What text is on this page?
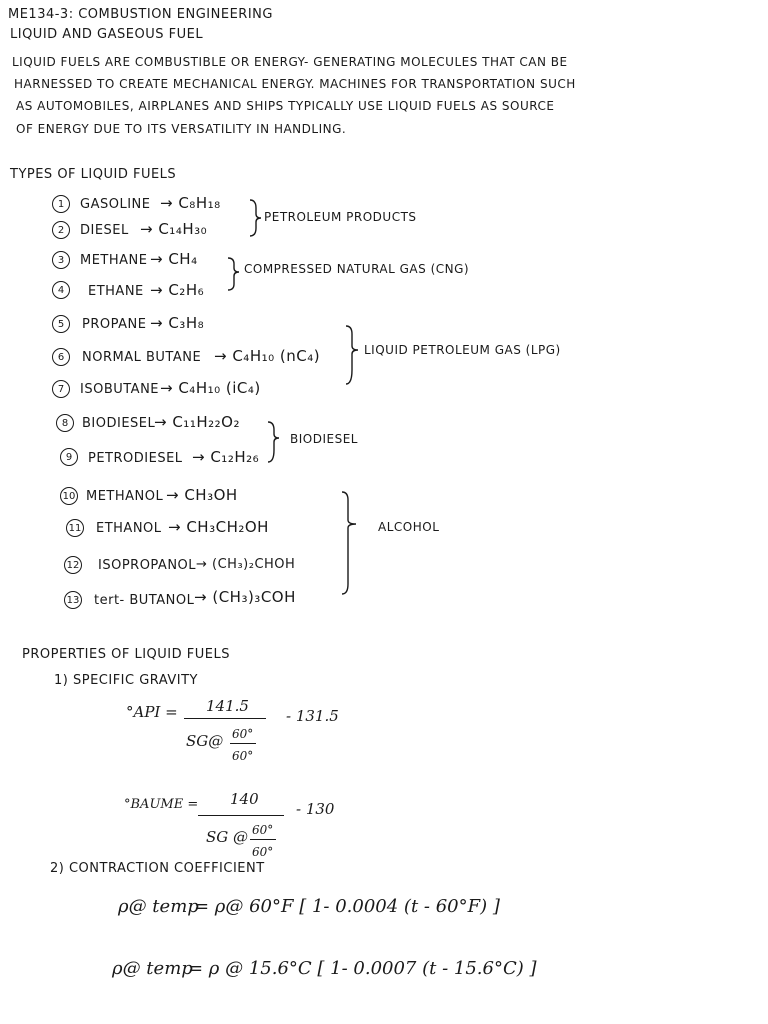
ME134-3: COMBUSTION ENGINEERING
LIQUID AND GASEOUS FUEL
LIQUID FUELS ARE COMBUSTIBLE OR ENERGY- GENERATING MOLECULES THAT CAN BE
HARNESSED TO CREATE MECHANICAL ENERGY. MACHINES FOR TRANSPORTATION SUCH
AS AUTOMOBILES, AIRPLANES AND SHIPS TYPICALLY USE LIQUID FUELS AS SOURCE
OF ENERGY DUE TO ITS VERSATILITY IN HANDLING.
TYPES OF LIQUID FUELS
1	GASOLINE → C₈H₁₈
2	DIESEL → C₁₄H₃₀
3	METHANE → CH₄
4	ETHANE → C₂H₆
5	PROPANE → C₃H₈
6	NORMAL BUTANE → C₄H₁₀ (nC₄)
7	ISOBUTANE → C₄H₁₀ (iC₄)
8	BIODIESEL
→ C₁₁H₂₂O₂
9	PETRODIESEL → C₁₂H₂₆
10 METHANOL → CH₃OH
11 ETHANOL → CH₃CH₂OH
12 ISOPROPANOL → (CH₃)₂CHOH
13 tert- BUTANOL → (CH₃)₃COH
PETROLEUM PRODUCTS
COMPRESSED NATURAL GAS (CNG)
LIQUID PETROLEUM GAS (LPG)
BIODIESEL
ALCOHOL
PROPERTIES OF LIQUID FUELS
1) SPECIFIC GRAVITY
°API = 141.5
SG@ 60°
60°
- 131.5
°BAUME = 140
SG @ 60°
60°
- 130
2) CONTRACTION COEFFICIENT
ρ@ temp
= ρ@ 60°F [ 1- 0.0004 (t - 60°F) ]
ρ@ temp
= ρ @ 15.6°C [ 1- 0.0007 (t - 15.6°C) ]
